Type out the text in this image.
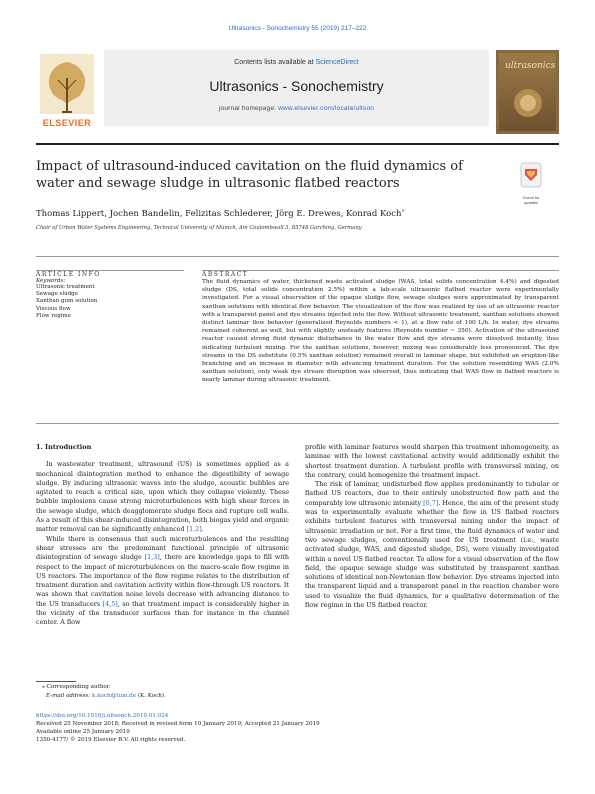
Ultrasonics - Sonochemistry 55 (2019) 217–222
ELSEVIER
Contents lists available at ScienceDirect
Ultrasonics - Sonochemistry
journal homepage: www.elsevier.com/locate/ultson
ultrasonics
Impact of ultrasound-induced cavitation on the fluid dynamics of water and sewage sludge in ultrasonic flatbed reactors
Check for
updates
Thomas Lippert, Jochen Bandelin, Felizitas Schlederer, Jörg E. Drewes, Konrad Koch⁎
Chair of Urban Water Systems Engineering, Technical University of Munich, Am Coulombwall 3, 85748 Garching, Germany
ARTICLE INFO	ABSTRACT
Keywords:
Ultrasonic treatment
Sewage sludge
Xanthan gum solution
Viscous flow
Flow regime
The fluid dynamics of water, thickened waste activated sludge (WAS, total solids concentration 4.4%) and digested sludge (DS, total solids concentration 2.5%) within a lab-scale ultrasonic flatbed reactor were experimentally investigated. For a visual observation of the opaque sludge flow, sewage sludges were approximated by transparent xanthan solutions with identical flow behavior. The visualization of the flow was realized by use of an ultrasonic reactor with a transparent panel and dye streams injected into the flow. Without ultrasonic treatment, xanthan solutions showed distinct laminar flow behavior (generalized Reynolds numbers < 1), at a flow rate of 100 L/h. In water, dye streams remained coherent as well, but with slightly unsteady features (Reynolds number ~ 350). Activation of the ultrasound reactor caused strong fluid dynamic disturbance in the water flow and dye streams were dissolved instantly, thus indicating turbulent mixing. For the xanthan solutions, however, mixing was considerably less pronounced. The dye streams in the DS substitute (0.5% xanthan solution) remained overall in laminar shape, but exhibited an eruption-like branching and an increase in diameter with advancing treatment duration. For the solution resembling WAS (2.0% xanthan solution), only weak dye stream disruption was observed, thus indicating that WAS flow in flatbed reactors is nearly laminar during ultrasonic treatment.
1. Introduction

In wastewater treatment, ultrasound (US) is sometimes applied as a mechanical disintegration method to enhance the digestibility of sewage sludge. By inducing ultrasonic waves into the sludge, acoustic bubbles are agitated to reach a critical size, upon which they collapse violently. These bubble implosions cause strong microturbulences with high shear forces in the sewage sludge, which deagglomerate sludge flocs and rupture cell walls. As a result of this shear-induced disintegration, both biogas yield and organic matter removal can be significantly enhanced [1,2].

While there is consensus that such microturbulences and the resulting shear stresses are the predominant functional principle of ultrasonic disintegration of sewage sludge [1,3], there are knowledge gaps to fill with respect to the impact of microturbulences on the macro-scale flow regime in US reactors. The importance of the flow regime relates to the distribution of treatment duration and cavitation activity within flow-through US reactors. It was shown that cavitation noise levels decrease with advancing distance to the US transducers [4,5], so that treatment impact is considerably higher in the vicinity of the transducer surfaces than for instance in the channel center. A flow

profile with laminar features would sharpen this treatment inhomogeneity, as laminae with the lowest cavitational activity would additionally exhibit the shortest treatment duration. A turbulent profile with transversal mixing, on the contrary, could homogenize the treatment impact.

The risk of laminar, undisturbed flow applies predominantly to tubular or flatbed US reactors, due to their entirely unobstructed flow path and the comparably low ultrasonic intensity [6,7]. Hence, the aim of the present study was to experimentally evaluate whether the flow in US flatbed reactors exhibits turbulent features with transversal mixing under the impact of ultrasonic irradiation or not. For a first time, the fluid dynamics of water and two sewage sludges, conventionally used for US treatment (i.e., waste activated sludge, WAS, and digested sludge, DS), were visually investigated within a novel US flatbed reactor. To allow for a visual observation of the flow field, the opaque sewage sludge was substituted by transparent xanthan solutions of identical non-Newtonian flow behavior. Dye streams injected into the transparent liquid and a transparent panel in the reaction chamber were used to visualize the fluid dynamics, for a qualitative determination of the flow regime in the US flatbed reactor.

⁎ Corresponding author.
E-mail address: k.koch@tum.de (K. Koch).
https://doi.org/10.1016/j.ultsonch.2019.01.024
Received 25 November 2018; Received in revised form 10 January 2019; Accepted 21 January 2019
Available online 25 January 2019
1350-4177/ © 2019 Elsevier B.V. All rights reserved.
